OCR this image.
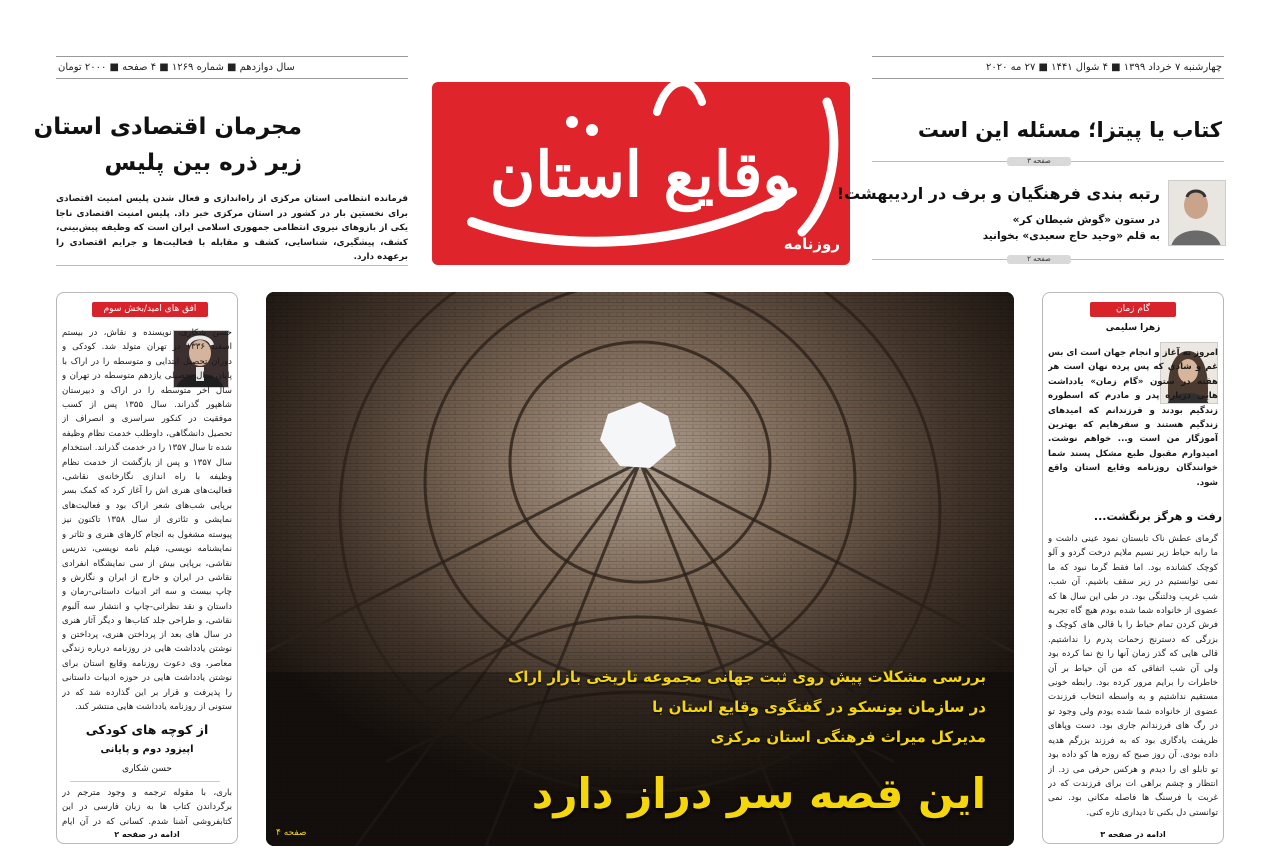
چهارشنبه ۷ خرداد ۱۳۹۹ ■ ۴ شوال ۱۴۴۱ ■ ۲۷ مه ۲۰۲۰
سال دوازدهم ■ شماره ۱۲۶۹ ■ ۴ صفحه ■ ۲۰۰۰ تومان
وقایع استان
روزنامه
کتاب یا پیتزا؛ مسئله این است
صفحه ۳
رتبه بندی فرهنگیان و برف در اردیبهشت!
در ستون «گوش شیطان کر»
به قلم «وحید حاج سعیدی» بخوانید
صفحه ۲
مجرمان اقتصادی استان
زیر ذره بین پلیس
فرمانده انتظامی استان مرکزی از راه‌اندازی و فعال شدن پلیس امنیت اقتصادی برای نخستین بار در کشور در استان مرکزی خبر داد. پلیس امنیت اقتصادی ناجا یکی از بازوهای نیروی انتظامی جمهوری اسلامی ایران است که وظیفه پیش‌بینی، کشف، پیشگیری، شناسایی، کشف و مقابله با فعالیت‌ها و جرایم اقتصادی را برعهده دارد.
افق های امید/بخش سوم
حسن شکاری، نویسنده و نقاش، در بیستم اسفند ۱۳۳۶ در تهران متولد شد. کودکی و دوران تحصیل ابتدایی و متوسطه را در اراک با پایان سال تحصیلی یازدهم متوسطه در تهران و سال آخر متوسطه را در اراک و دبیرستان شاهپور گذراند. سال ۱۳۵۵ پس از کسب موفقیت در کنکور سراسری و انصراف از تحصیل دانشگاهی، داوطلب خدمت نظام وظیفه شده تا سال ۱۳۵۷ را در خدمت گذراند. استخدام سال ۱۳۵۷ و پس از بازگشت از خدمت نظام وظیفه با راه اندازی نگارخانه‌ی نقاشی، فعالیت‌های هنری اش را آغاز کرد که کمک بسر برپایی شب‌های شعر اراک بود و فعالیت‌های نمایشی و تئاتری از سال ۱۳۵۸ تاکنون نیز پیوسته مشغول به انجام کارهای هنری و تئاتر و نمایشنامه نویسی، فیلم نامه نویسی، تدریس نقاشی، برپایی بیش از سی نمایشگاه انفرادی نقاشی در ایران و خارج از ایران و نگارش و چاپ بیست و سه اثر ادبیات داستانی-رمان و داستان و نقد نظرانی-چاپ و انتشار سه آلبوم نقاشی، و طراحی جلد کتاب‌ها و دیگر آثار هنری
در سال های بعد از پرداختن هنری، پرداختن و نوشتن یادداشت هایی در روزنامه درباره زندگی معاصر، وی دعوت روزنامه وقایع استان برای نوشتن یادداشت هایی در حوزه ادبیات داستانی را پذیرفت و قرار بر این گذارده شد که در ستونی از روزنامه یادداشت هایی منتشر کند.
از کوچه های کودکی
اپیزود دوم و پایانی
حسن شکاری
باری، با مقوله ترجمه و وجود مترجم در برگرداندن کتاب ها به زبان فارسی در این کتابفروشی آشنا شدم. کسانی که در آن ایام
ادامه در صفحه ۲
بررسی مشکلات پیش روی ثبت جهانی مجموعه تاریخی بازار اراک
در سازمان یونسکو در گفتگوی وقایع استان با
مدیرکل میراث فرهنگی استان مرکزی
این قصه سر دراز دارد
صفحه ۴
گام زمان
زهرا سلیمی
امروز نه آغاز و انجام جهان است ای بس غم و شادی که پس پرده نهان است هر هفته در ستون «گام زمان» یادداشت هایی درباره پدر و مادرم که اسطوره زندگیم بودند و فرزندانم که امیدهای زندگیم هستند و سفرهایم که بهترین آموزگار من است و... خواهم نوشت. امیدوارم مقبول طبع مشکل پسند شما خوانندگان روزنامه وقایع استان واقع شود.
رفت و هرگز برنگشت...
گرمای عطش ناک تابستان نمود عینی داشت و ما رابه حیاط زیر نسیم ملایم درخت گردو و آلو کوچک کشانده بود. اما فقط گرما نبود که ما نمی توانستیم در زیر سقف باشیم. آن شب، شب غریب ودلتنگی بود. در طی این سال ها که عضوی از خانواده شما شده بودم هیچ گاه تجربه فرش کردن تمام حیاط را با قالی های کوچک و بزرگی که دسترنج زحمات پدرم را نداشتیم. قالی هایی که گذر زمان آنها را نخ نما کرده بود ولی آن شب اتفاقی که من آن حیاط بر آن خاطرات را برایم مرور کرده بود. رابطه خونی مستقیم نداشتیم و به واسطه انتخاب فرزندت عضوی از خانواده شما شده بودم ولی وجود تو در رگ های فرزندانم جاری بود. دست وپاهای ظریفت یادگاری بود که به فرزند بزرگم هدیه داده بودی. آن روز صبح که روزه ها کو داده بود تو تابلو ای را دیدم و هرکس حرفی می زد. از انتظار و چشم براهی ات برای فرزندت که در غربت با فرسنگ ها فاصله مکانی بود. نمی توانستی دل بکنی تا دیداری تازه کنی.
ادامه در صفحه ۳
